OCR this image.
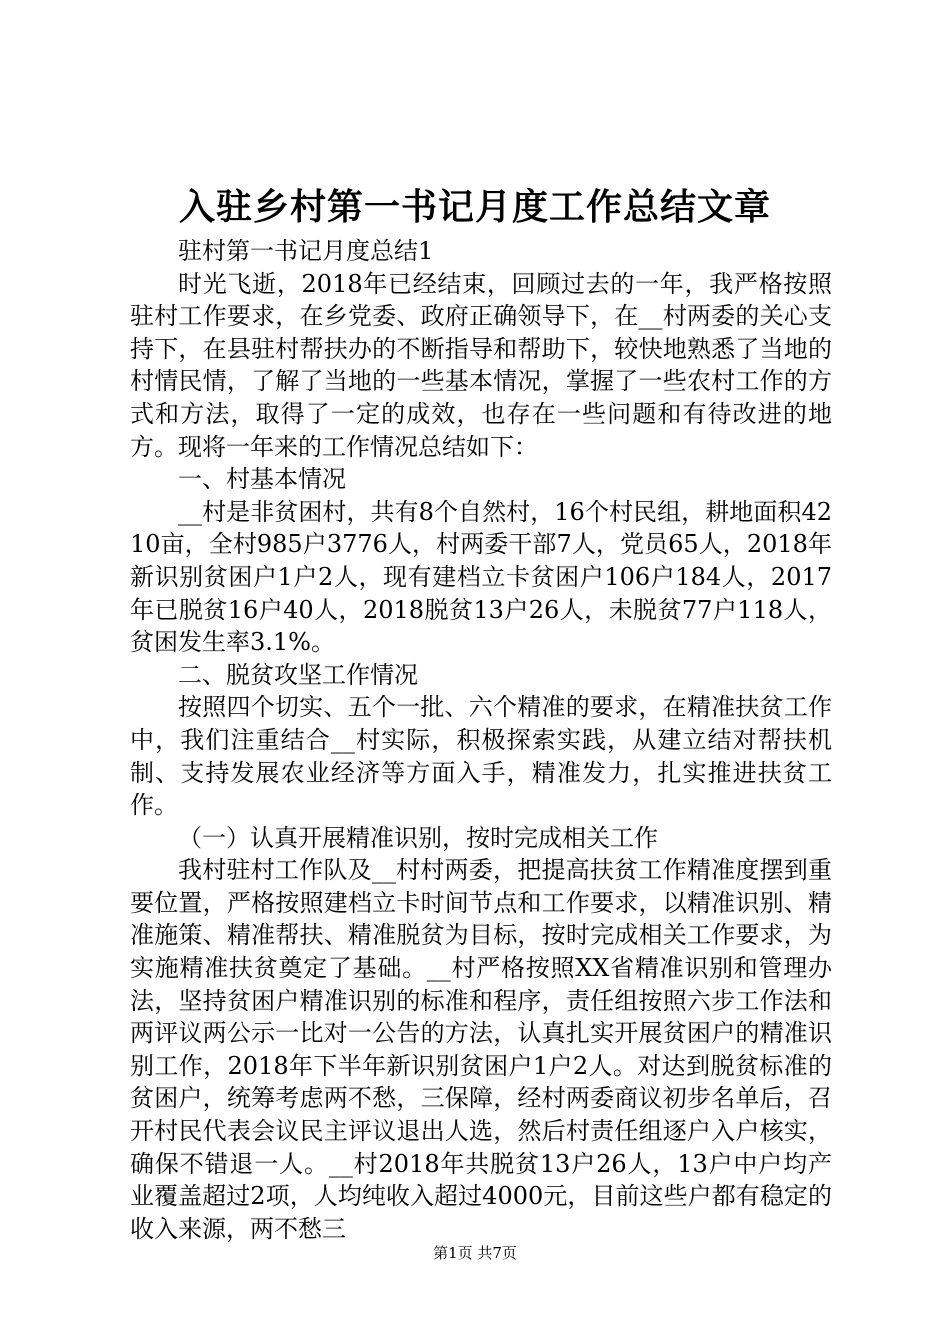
入驻乡村第一书记月度工作总结文章

驻村第一书记月度总结1

时光飞逝，2018年已经结束，回顾过去的一年，我严格按照驻村工作要求，在乡党委、政府正确领导下，在__村两委的关心支持下，在县驻村帮扶办的不断指导和帮助下，较快地熟悉了当地的村情民情，了解了当地的一些基本情况，掌握了一些农村工作的方式和方法，取得了一定的成效，也存在一些问题和有待改进的地方。现将一年来的工作情况总结如下：

一、村基本情况

__村是非贫困村，共有8个自然村，16个村民组，耕地面积4210亩，全村985户3776人，村两委干部7人，党员65人，2018年新识别贫困户1户2人，现有建档立卡贫困户106户184人，2017年已脱贫16户40人，2018脱贫13户26人，未脱贫77户118人，贫困发生率3.1%。

二、脱贫攻坚工作情况

按照四个切实、五个一批、六个精准的要求，在精准扶贫工作中，我们注重结合__村实际，积极探索实践，从建立结对帮扶机制、支持发展农业经济等方面入手，精准发力，扎实推进扶贫工作。

（一）认真开展精准识别，按时完成相关工作

我村驻村工作队及__村村两委，把提高扶贫工作精准度摆到重要位置，严格按照建档立卡时间节点和工作要求，以精准识别、精准施策、精准帮扶、精准脱贫为目标，按时完成相关工作要求，为实施精准扶贫奠定了基础。__村严格按照XX省精准识别和管理办法，坚持贫困户精准识别的标准和程序，责任组按照六步工作法和两评议两公示一比对一公告的方法，认真扎实开展贫困户的精准识别工作，2018年下半年新识别贫困户1户2人。对达到脱贫标准的贫困户，统筹考虑两不愁，三保障，经村两委商议初步名单后，召开村民代表会议民主评议退出人选，然后村责任组逐户入户核实，确保不错退一人。__村2018年共脱贫13户26人，13户中户均产业覆盖超过2项，人均纯收入超过4000元，目前这些户都有稳定的收入来源，两不愁三

第1页 共7页
